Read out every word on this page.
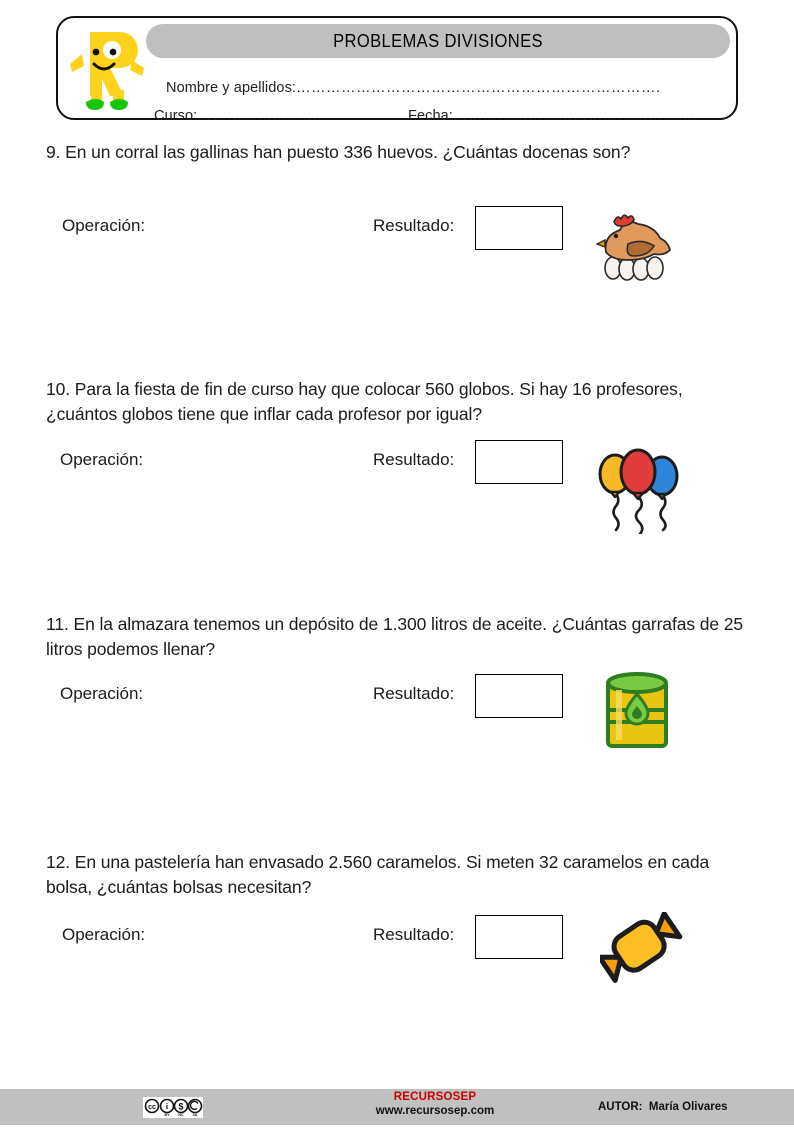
PROBLEMAS DIVISIONES
Nombre y apellidos:……………………………………………………………….
Curso:…………………….	Fecha:………………………………………….
9. En un corral las gallinas han puesto 336 huevos. ¿Cuántas docenas son?
Operación:	Resultado:
10. Para la fiesta de fin de curso hay que colocar 560 globos. Si hay 16 profesores, ¿cuántos globos tiene que inflar cada profesor por igual?
Operación:	Resultado:
11. En la almazara tenemos un depósito de 1.300 litros de aceite. ¿Cuántas garrafas de 25 litros podemos llenar?
Operación:	Resultado:
12. En una pastelería han envasado 2.560 caramelos. Si meten 32 caramelos en cada bolsa, ¿cuántas bolsas necesitan?
Operación:	Resultado:
cc i $
BY NC SA
RECURSOSEP
www.recursosep.com	AUTOR: María Olivares
